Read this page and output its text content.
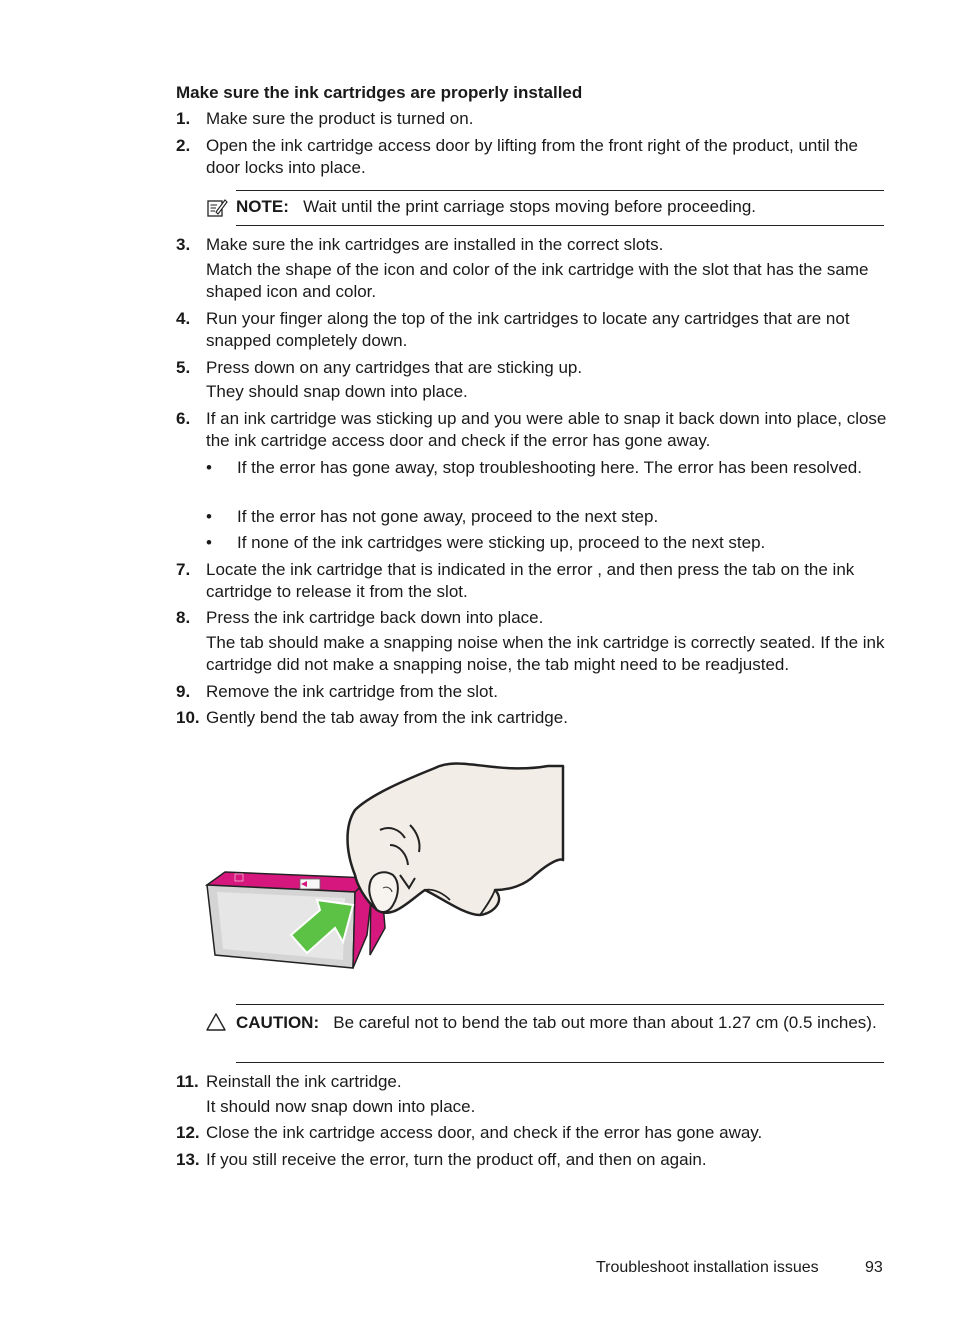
Make sure the ink cartridges are properly installed
1. Make sure the product is turned on.
2. Open the ink cartridge access door by lifting from the front right of the product, until the door locks into place.
NOTE: Wait until the print carriage stops moving before proceeding.
3. Make sure the ink cartridges are installed in the correct slots.
Match the shape of the icon and color of the ink cartridge with the slot that has the same shaped icon and color.
4. Run your finger along the top of the ink cartridges to locate any cartridges that are not snapped completely down.
5. Press down on any cartridges that are sticking up.
They should snap down into place.
6. If an ink cartridge was sticking up and you were able to snap it back down into place, close the ink cartridge access door and check if the error has gone away.
• If the error has gone away, stop troubleshooting here. The error has been resolved.
• If the error has not gone away, proceed to the next step.
• If none of the ink cartridges were sticking up, proceed to the next step.
7. Locate the ink cartridge that is indicated in the error , and then press the tab on the ink cartridge to release it from the slot.
8. Press the ink cartridge back down into place.
The tab should make a snapping noise when the ink cartridge is correctly seated. If the ink cartridge did not make a snapping noise, the tab might need to be readjusted.
9. Remove the ink cartridge from the slot.
10. Gently bend the tab away from the ink cartridge.
CAUTION: Be careful not to bend the tab out more than about 1.27 cm (0.5 inches).
11. Reinstall the ink cartridge.
It should now snap down into place.
12. Close the ink cartridge access door, and check if the error has gone away.
13. If you still receive the error, turn the product off, and then on again.
Troubleshoot installation issues	93
